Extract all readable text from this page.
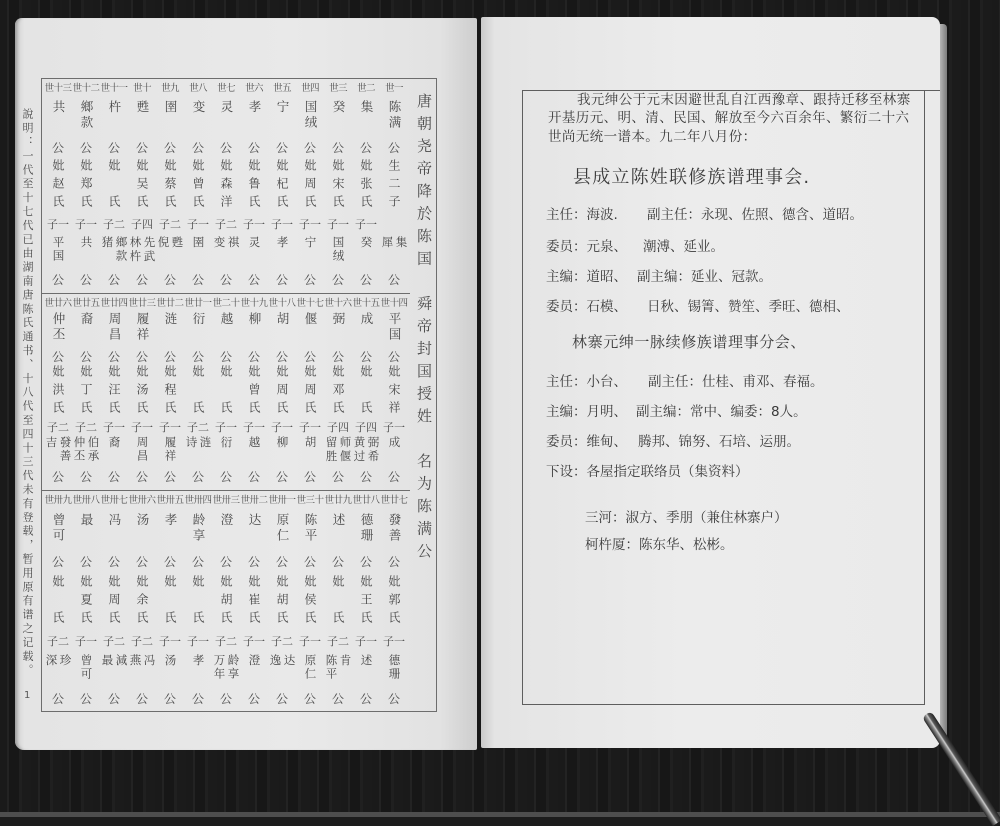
唐朝尧帝降於陈国　舜帝封国授姓　名为陈满公
說明：一代至十七代已由湖南唐陈氏通书、十八代至四十三代未有登载，暂用原有谱之记载。
1
世一
陈满
公
生二子
集
犀
公
世二
集
公
妣张氏
子一
癸
公
世三
癸
公
妣宋氏
子一
国绒
公
世四
国绒
公
妣周氏
子一
宁
公
世五
宁
公
妣杞氏
子一
孝
公
世六
孝
公
妣鲁氏
子一
灵
公
世七
灵
公
妣森洋
子二
祺
变
公
世八
变
公
妣曾氏
子一
圉
公
世九
圉
公
妣蔡氏
子二
甦
倪
公
世十
甦
公
妣吴氏
子四
先
林
武
杵
公
世十一
杵
公
妣　氏
子二
鄉款
猪
公
世十二
鄉款
公
妣郑氏
子一
共
公
世十三
共
公
妣赵氏
子一
平国
公
世十四
平国
公
妣宋祥
子一
成
公
世十五
成
公
妣　氏
子四
弼
黄
希
过
公
世十六
弼
公
妣邓氏
子四
师
留
偃
胜
公
世十七
偃
公
妣周氏
子一
胡
公
世十八
胡
公
妣周氏
子一
柳
公
世十九
柳
公
妣曾氏
子一
越
公
世二十
越
公
妣　氏
子一
衍
公
世廿一
衍
公
妣　氏
子二
涟
诗
公
世廿二
涟
公
妣程氏
子一
履祥
公
世廿三
履祥
公
妣汤氏
子一
周昌
公
世廿四
周昌
公
妣汪氏
子一
裔
公
世廿五
裔
公
妣丁氏
子二
伯承
仲丕
公
世廿六
仲丕
公
妣洪氏
子二
發善
吉
公
世廿七
發善
公
妣郭氏
子一
德珊
公
世廿八
德珊
公
妣王氏
子一
述
公
世廿九
述
公
妣　氏
子二
肯
陈平
公
世三十
陈平
公
妣侯氏
子一
原仁
公
世卅一
原仁
公
妣胡氏
子二
达
逸
公
世卅二
达
公
妣崔氏
子一
澄
公
世卅三
澄
公
妣胡氏
子二
龄享
万年
公
世卅四
龄享
公
妣　氏
子一
孝
公
世卅五
孝
公
妣　氏
子一
汤
公
世卅六
汤
公
妣余氏
子二
冯
燕
公
世卅七
冯
公
妣周氏
子二
減
最
公
世卅八
最
公
妣夏氏
子一
曾可
公
世卅九
曾可
公
妣　氏
子二
珍
深
公
我元绅公于元末因避世乱自江西豫章、跟持迁移至林寨
开基历元、明、清、民国、解放至今六百余年、繁衍二十六
世尚无统一谱本。九二年八月份：
县成立陈姓联修族谱理事会.
主任：海波. 副主任：永现、佐照、德含、道昭。
委员：元泉、 潮溥、延业。
主编：道昭、 副主编：延业、冠款。
委员：石模、 日秋、锡箐、赞笙、季旺、德相、
林寨元绅一脉续修族谱理事分会、
主任：小台、 副主任：仕桂、甫邓、春福。
主编：月明、 副主编：常中、编委：8人。
委员：维甸、 腾邦、锦努、石培、运朋。
下设：各屋指定联络员（集资料）
三河：淑方、季朋（兼住林寨户）
柯杵厦：陈东华、松彬。
